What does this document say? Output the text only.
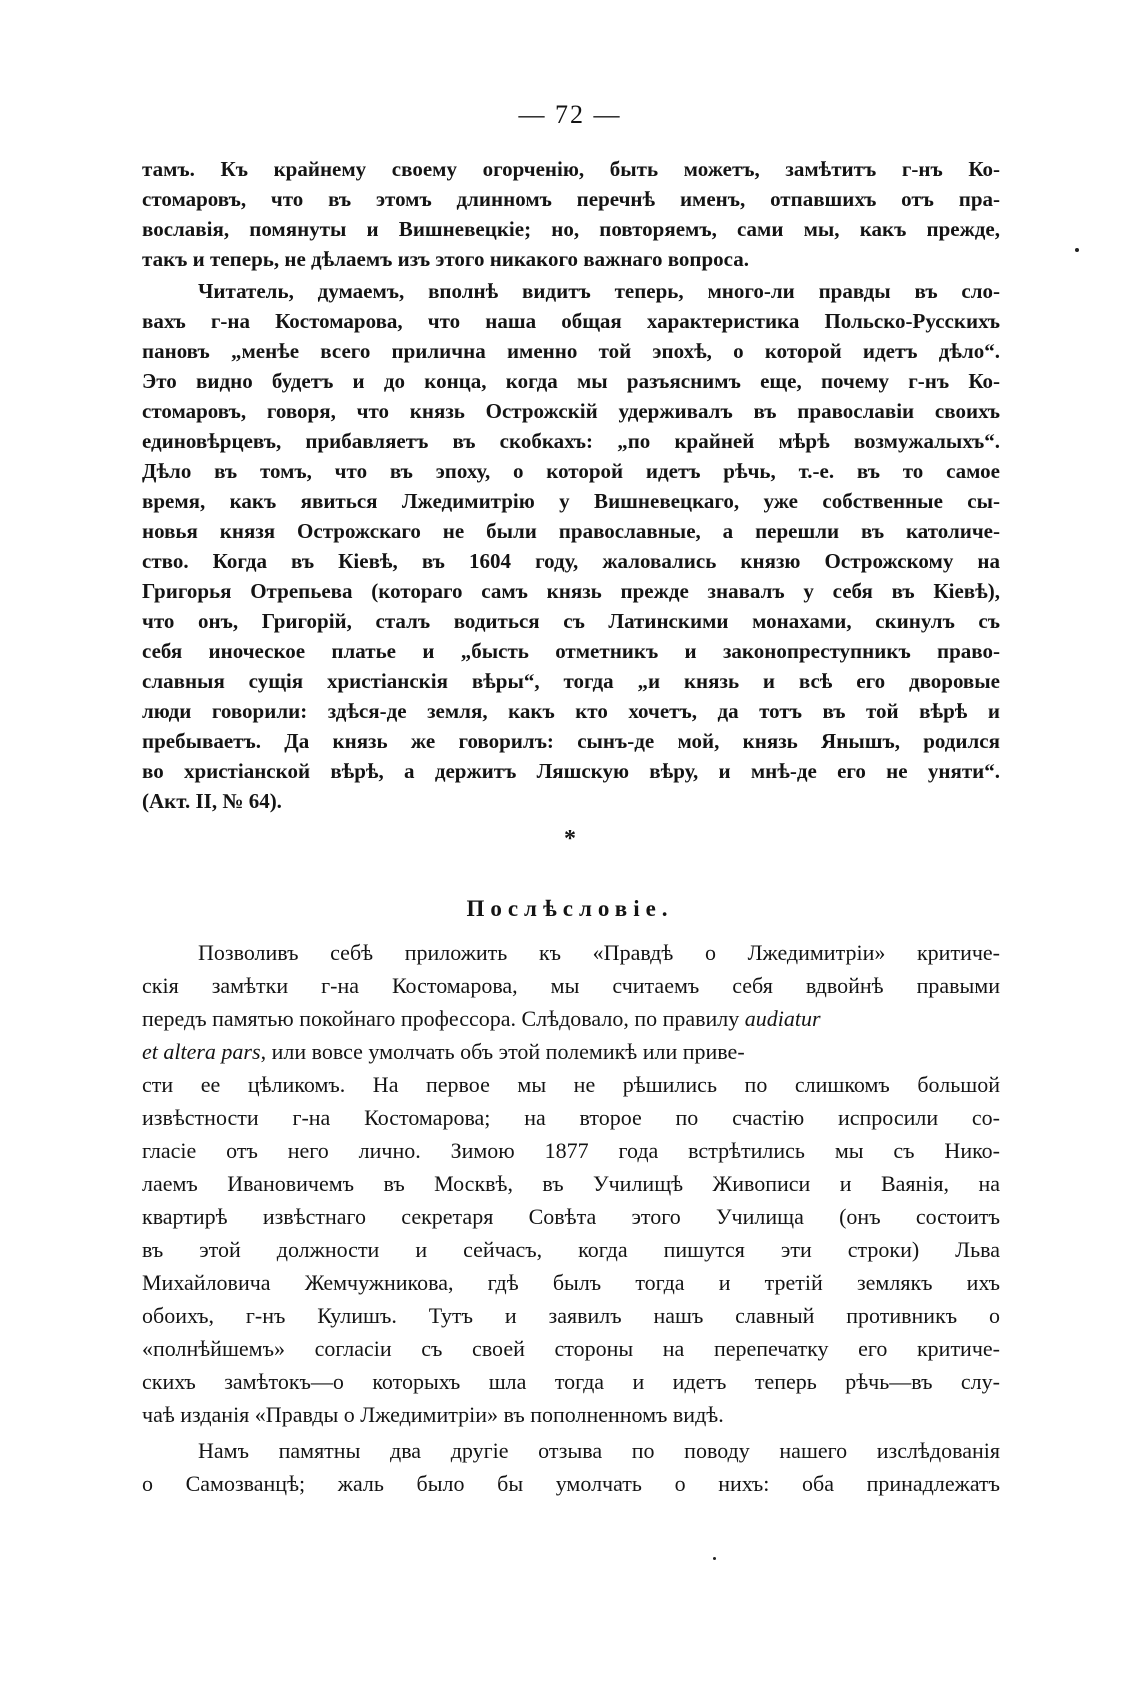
— 72 —
тамъ. Къ крайнему своему огорченію, быть можетъ, замѣтитъ г-нъ Ко-
стомаровъ, что въ этомъ длинномъ перечнѣ именъ, отпавшихъ отъ пра-
вославія, помянуты и Вишневецкіе; но, повторяемъ, сами мы, какъ прежде,
такъ и теперь, не дѣлаемъ изъ этого никакого важнаго вопроса.
Читатель, думаемъ, вполнѣ видитъ теперь, много-ли правды въ сло-
вахъ г-на Костомарова, что наша общая характеристика Польско-Русскихъ
пановъ „менѣе всего прилична именно той эпохѣ, о которой идетъ дѣло“.
Это видно будетъ и до конца, когда мы разъяснимъ еще, почему г-нъ Ко-
стомаровъ, говоря, что князь Острожскій удерживалъ въ православіи своихъ
единовѣрцевъ, прибавляетъ въ скобкахъ: „по крайней мѣрѣ возмужалыхъ“.
Дѣло въ томъ, что въ эпоху, о которой идетъ рѣчь, т.-е. въ то самое
время, какъ явиться Лжедимитрію у Вишневецкаго, уже собственные сы-
новья князя Острожскаго не были православные, а перешли въ католиче-
ство. Когда въ Кіевѣ, въ 1604 году, жаловались князю Острожскому на
Григорья Отрепьева (котораго самъ князь прежде знавалъ у себя въ Кіевѣ),
что онъ, Григорій, сталъ водиться съ Латинскими монахами, скинулъ съ
себя иноческое платье и „бысть отметникъ и законопреступникъ право-
славныя сущія христіанскія вѣры“, тогда „и князь и всѣ его дворовые
люди говорили: здѣся-де земля, какъ кто хочетъ, да тотъ въ той вѣрѣ и
пребываетъ. Да князь же говорилъ: сынъ-де мой, князь Янышъ, родился
во христіанской вѣрѣ, а держитъ Ляшскую вѣру, и мнѣ-де его не уняти“.
(Акт. II, № 64).
*
Послѣсловіе.
Позволивъ себѣ приложить къ «Правдѣ о Лжедимитріи» критиче-
скія замѣтки г-на Костомарова, мы считаемъ себя вдвойнѣ правыми
передъ памятью покойнаго профессора. Слѣдовало, по правилу audiatur
et altera pars, или вовсе умолчать объ этой полемикѣ или приве-
сти ее цѣликомъ. На первое мы не рѣшились по слишкомъ большой
извѣстности г-на Костомарова; на второе по счастію испросили со-
гласіе отъ него лично. Зимою 1877 года встрѣтились мы съ Нико-
лаемъ Ивановичемъ въ Москвѣ, въ Училищѣ Живописи и Ваянія, на
квартирѣ извѣстнаго секретаря Совѣта этого Училища (онъ состоитъ
въ этой должности и сейчасъ, когда пишутся эти строки) Льва
Михайловича Жемчужникова, гдѣ былъ тогда и третій землякъ ихъ
обоихъ, г-нъ Кулишъ. Тутъ и заявилъ нашъ славный противникъ о
«полнѣйшемъ» согласіи съ своей стороны на перепечатку его критиче-
скихъ замѣтокъ—о которыхъ шла тогда и идетъ теперь рѣчь—въ слу-
чаѣ изданія «Правды о Лжедимитріи» въ пополненномъ видѣ.
Намъ памятны два другіе отзыва по поводу нашего изслѣдованія
о Самозванцѣ; жаль было бы умолчать о нихъ: оба принадлежатъ
